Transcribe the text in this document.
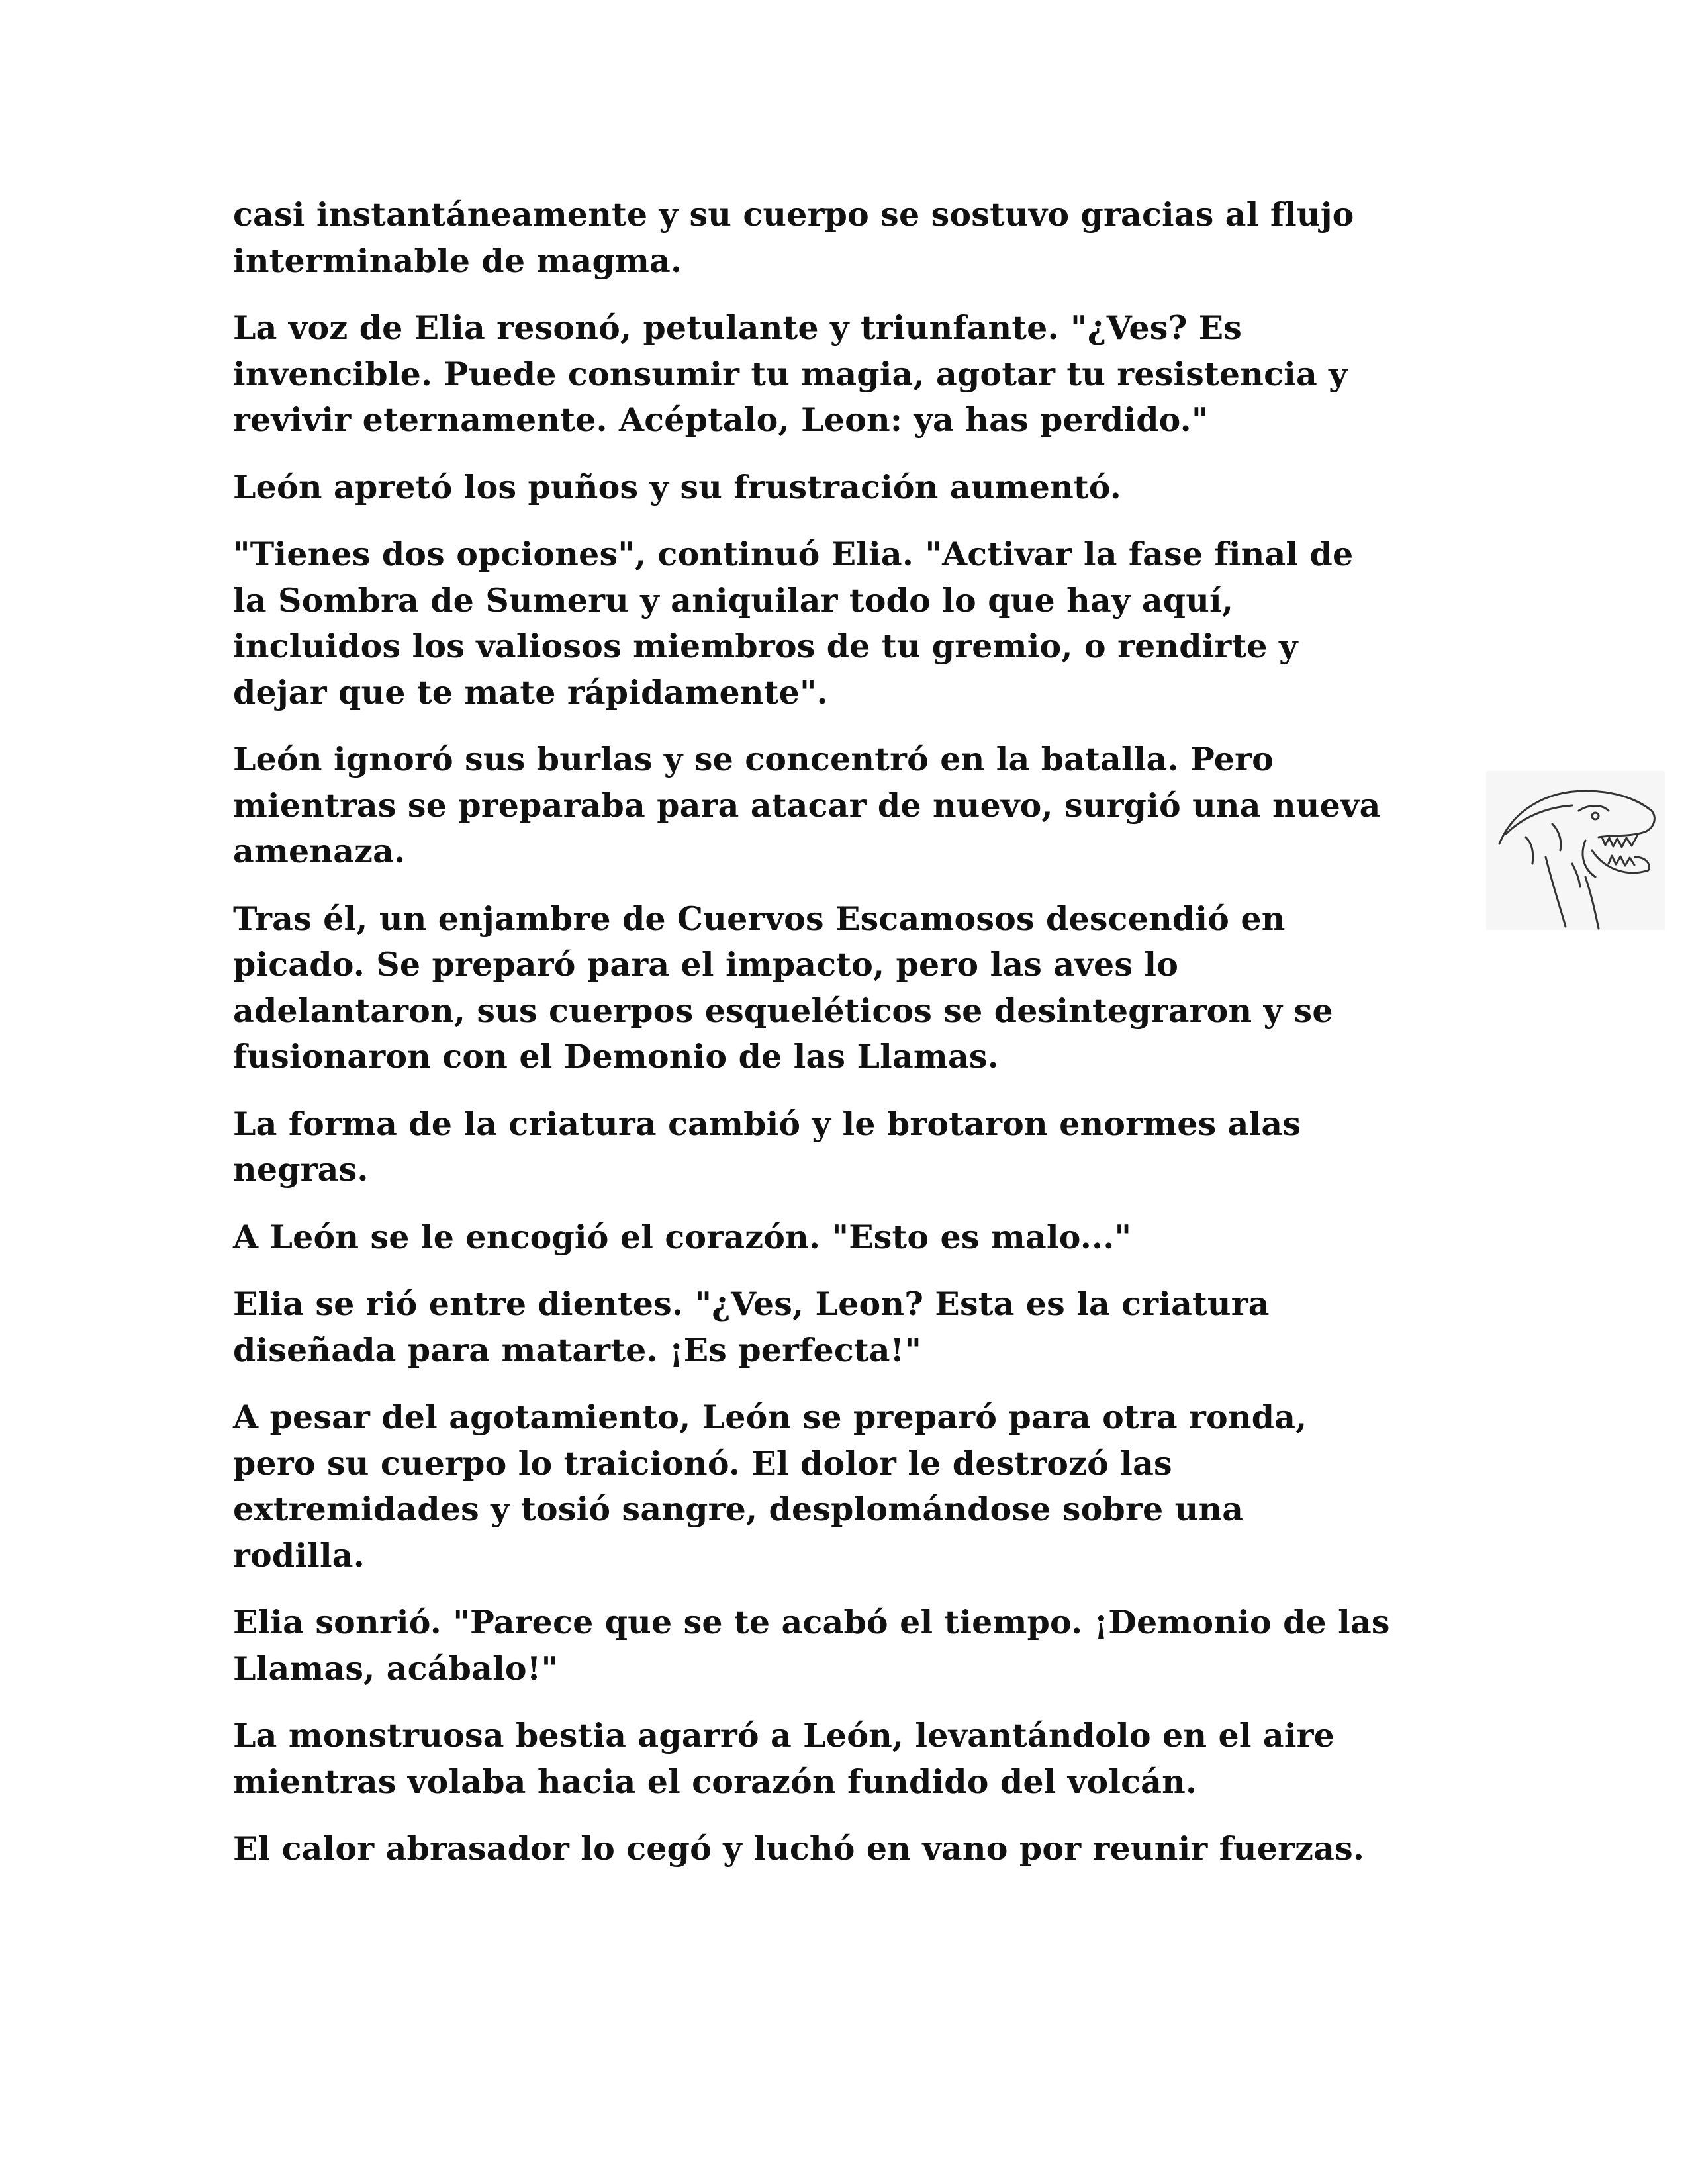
casi instantáneamente y su cuerpo se sostuvo gracias al flujo
interminable de magma.

La voz de Elia resonó, petulante y triunfante. "¿Ves? Es
invencible. Puede consumir tu magia, agotar tu resistencia y
revivir eternamente. Acéptalo, Leon: ya has perdido."

León apretó los puños y su frustración aumentó.

"Tienes dos opciones", continuó Elia. "Activar la fase final de
la Sombra de Sumeru y aniquilar todo lo que hay aquí,
incluidos los valiosos miembros de tu gremio, o rendirte y
dejar que te mate rápidamente".

León ignoró sus burlas y se concentró en la batalla. Pero
mientras se preparaba para atacar de nuevo, surgió una nueva
amenaza.

Tras él, un enjambre de Cuervos Escamosos descendió en
picado. Se preparó para el impacto, pero las aves lo
adelantaron, sus cuerpos esqueléticos se desintegraron y se
fusionaron con el Demonio de las Llamas.

La forma de la criatura cambió y le brotaron enormes alas
negras.

A León se le encogió el corazón. "Esto es malo..."

Elia se rió entre dientes. "¿Ves, Leon? Esta es la criatura
diseñada para matarte. ¡Es perfecta!"

A pesar del agotamiento, León se preparó para otra ronda,
pero su cuerpo lo traicionó. El dolor le destrozó las
extremidades y tosió sangre, desplomándose sobre una
rodilla.

Elia sonrió. "Parece que se te acabó el tiempo. ¡Demonio de las
Llamas, acábalo!"

La monstruosa bestia agarró a León, levantándolo en el aire
mientras volaba hacia el corazón fundido del volcán.

El calor abrasador lo cegó y luchó en vano por reunir fuerzas.
